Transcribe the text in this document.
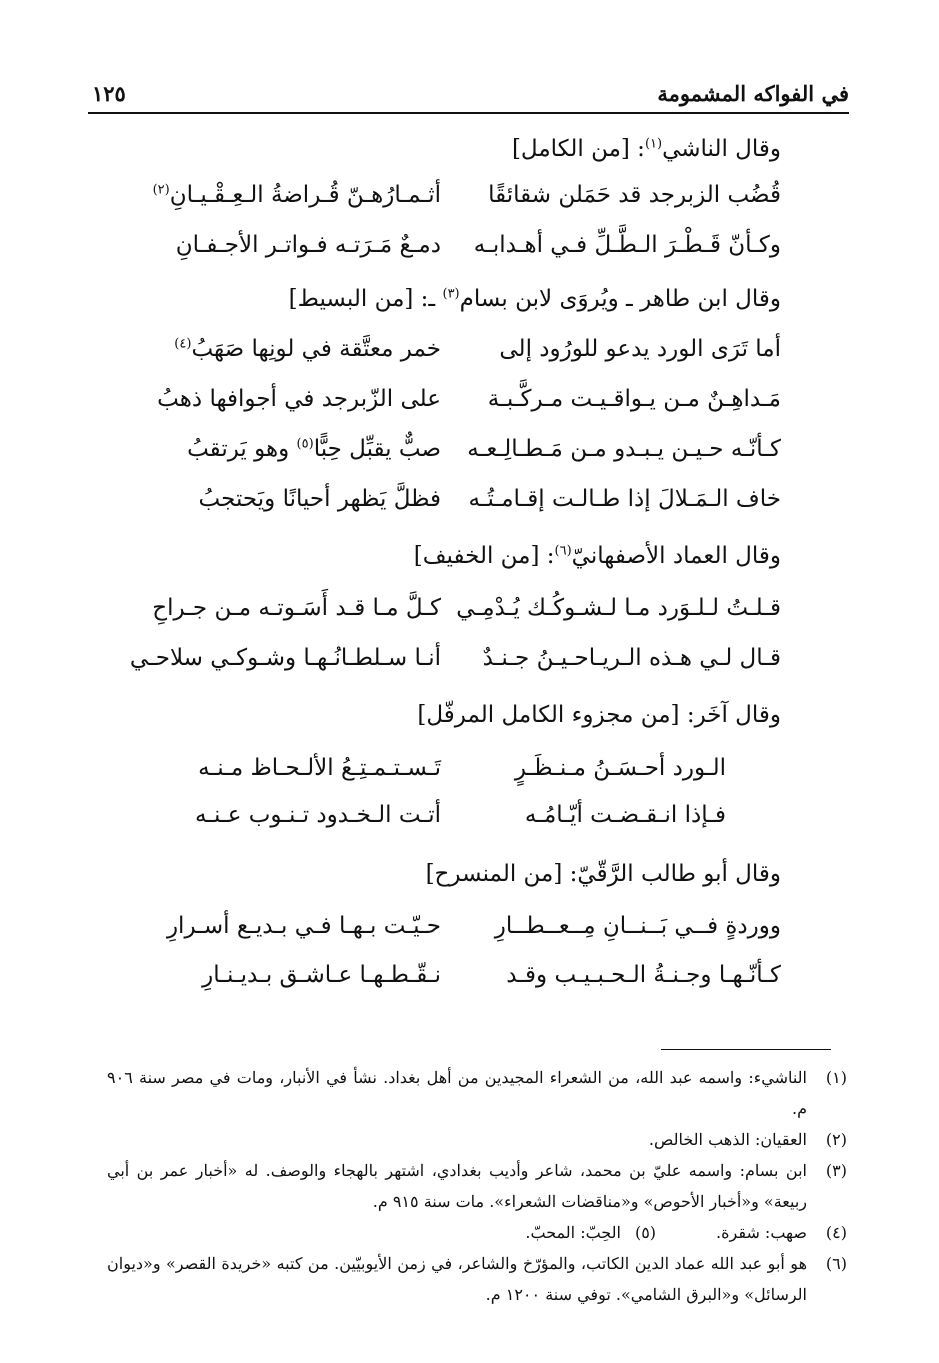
في الفواكه المشمومة
١٢٥
وقال الناشي$^{(١)}$: [من الكامل]
قُضُب الزبرجد قد حَمَلن شقائقًا
أثـمـارُهـنّ قُـراضةُ الـعِـقْـيـانِ$^{(٢)}$
وكـأنّ قَـطْـرَ الـطَّـلِّ فـي أهـدابـه
دمـعٌ مَـرَتـه فـواتـر الأجـفـانِ
وقال ابن طاهر ـ ويُروَى لابن بسام$^{(٣)}$ ـ: [من البسيط]
أما تَرَى الورد يدعو للورُود إلى
خمر معتَّقة في لونِها صَهَبُ$^{(٤)}$
مَـداهِـنٌ مـن يـواقـيـت مـركَّـبـة
على الزّبرجد في أجوافها ذهبُ
كـأنّـه حـيـن يـبـدو مـن مَـطـالِـعـه
صبٌّ يقبِّل حِبًّا$^{(٥)}$ وهو يَرتقبُ
خاف الـمَـلالَ إذا طـالـت إقـامـتُـه
فظلَّ يَظهر أحيانًا ويَحتجبُ
وقال العماد الأصفهانيّ$^{(٦)}$: [من الخفيف]
قـلـتُ لـلـوَرد مـا لـشـوكُـك يُـدْمِـي
كـلَّ مـا قـد أَسَـوتـه مـن جـراحِ
قـال لـي هـذه الـريـاحـيـنُ جـنـدٌ
أنـا سـلطـانُـهـا وشـوكـي سلاحـي
وقال آخَر: [من مجزوء الكامل المرفّل]
الـورد أحـسَـنُ مـنـظَـرٍ
تَـسـتـمـتِـعُ الألـحـاظ مـنـه
فـإذا انـقـضـت أيّـامُـه
أتـت الـخـدود تـنـوب عـنـه
وقال أبو طالب الرَّقّيّ: [من المنسرح]
ووردةٍ فــي بَــنــانِ مِــعــطــارِ
حـيّـت بـهـا فـي بـديـع أسـرارِ
كـأنّـهـا وجـنـةُ الـحـبـيـب وقـد
نـقّـطـهـا عـاشـق بـديـنـارِ
(١)
الناشيء: واسمه عبد الله، من الشعراء المجيدين من أهل بغداد. نشأ في الأنبار، ومات في مصر سنة ٩٠٦ م.
(٢)
العقيان: الذهب الخالص.
(٣)
ابن بسام: واسمه عليّ بن محمد، شاعر وأديب بغدادي، اشتهر بالهجاء والوصف. له «أخبار عمر بن أبي ربيعة» و«أخبار الأحوص» و«مناقضات الشعراء». مات سنة ٩١٥ م.
(٤)
صهب: شقرة.
(٥)
الحِبّ: المحبّ.
(٦)
هو أبو عبد الله عماد الدين الكاتب، والمؤرّخ والشاعر، في زمن الأيوبيّين. من كتبه «خريدة القصر» و«ديوان الرسائل» و«البرق الشامي». توفي سنة ١٢٠٠ م.
